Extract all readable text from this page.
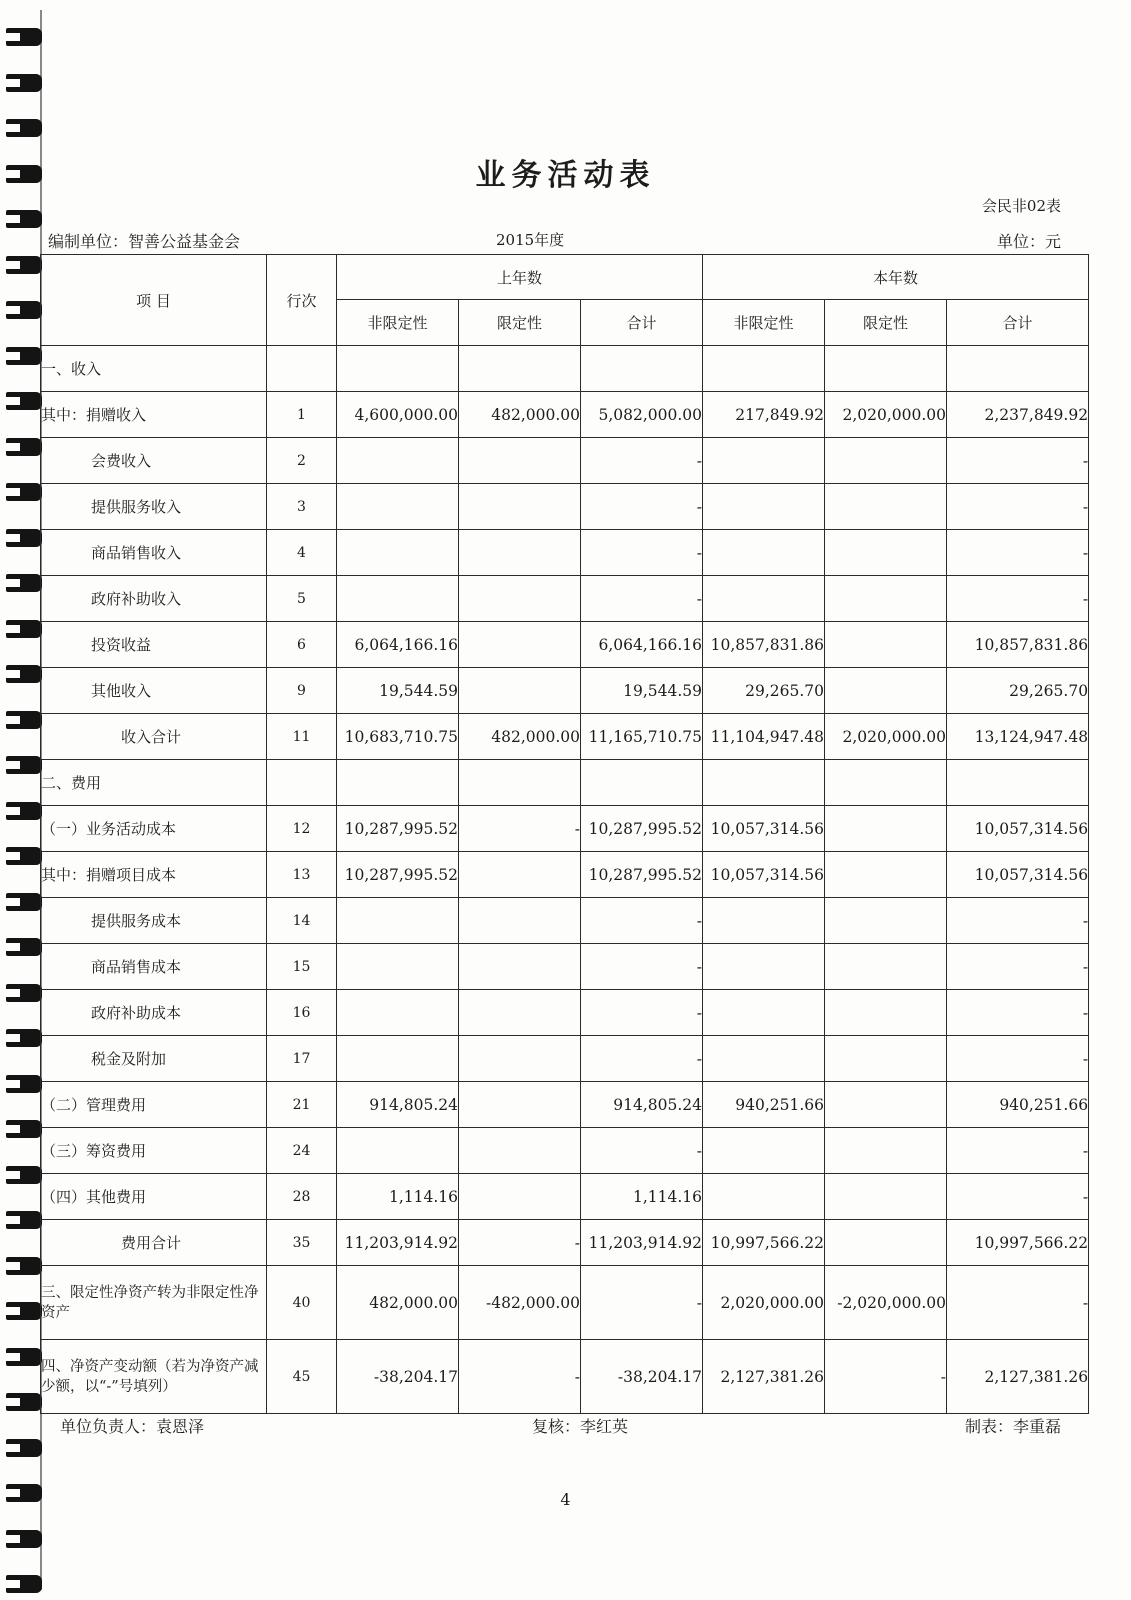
业务活动表
会民非02表
编制单位：智善公益基金会	2015年度	单位：元
项 目	行次	上年数			本年数		
		非限定性	限定性	合计	非限定性	限定性	合计
一、收入							
其中：捐赠收入	1	4,600,000.00	482,000.00	5,082,000.00	217,849.92	2,020,000.00	2,237,849.92
会费收入	2			-			-
提供服务收入	3			-			-
商品销售收入	4			-			-
政府补助收入	5			-			-
投资收益	6	6,064,166.16		6,064,166.16	10,857,831.86		10,857,831.86
其他收入	9	19,544.59		19,544.59	29,265.70		29,265.70
收入合计	11	10,683,710.75	482,000.00	11,165,710.75	11,104,947.48	2,020,000.00	13,124,947.48
二、费用							
（一）业务活动成本	12	10,287,995.52	-	10,287,995.52	10,057,314.56		10,057,314.56
其中：捐赠项目成本	13	10,287,995.52		10,287,995.52	10,057,314.56		10,057,314.56
提供服务成本	14			-			-
商品销售成本	15			-			-
政府补助成本	16			-			-
税金及附加	17			-			-
（二）管理费用	21	914,805.24		914,805.24	940,251.66		940,251.66
（三）筹资费用	24			-			-
（四）其他费用	28	1,114.16		1,114.16			-
费用合计	35	11,203,914.92	-	11,203,914.92	10,997,566.22		10,997,566.22
三、限定性净资产转为非限定性净资产	40	482,000.00	-482,000.00	-	2,020,000.00	-2,020,000.00	-
四、净资产变动额（若为净资产减少额，以“-”号填列）	45	-38,204.17	-	-38,204.17	2,127,381.26	-	2,127,381.26
单位负责人：袁恩泽	复核：李红英	制表：李重磊
4
